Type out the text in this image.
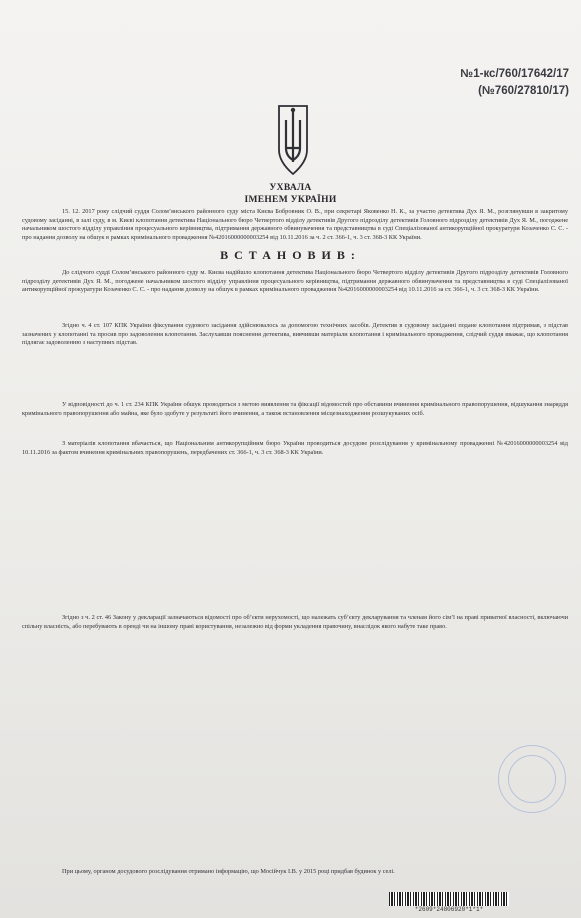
№1-кс/760/17642/17
(№760/27810/17)
УХВАЛА
ІМЕНЕМ УКРАЇНИ

15. 12. 2017 року слідчий суддя Солом’янського районного суду міста Києва Бобровник О. В., при секретарі Яковенко Н. К., за участю детектива Дух Я. М., розглянувши в закритому судовому засіданні, в залі суду, в м. Києві клопотання детектива Національного бюро Четвертого відділу детективів Другого підрозділу детективів Головного підрозділу детективів Дух Я. М., погоджене начальником шостого відділу управління процесуального керівництва, підтримання державного обвинувачення та представництва в суді Спеціалізованої антикорупційної прокуратури Козаченко С. С. - про надання дозволу на обшук в рамках кримінального провадження №42016000000003254 від 10.11.2016 за ч. 2 ст. 366-1, ч. 3 ст. 368-3 КК України.

ВСТАНОВИВ:

До слідчого судді Солом’янського районного суду м. Києва надійшло клопотання детектива Національного бюро Четвертого відділу детективів Другого підрозділу детективів Головного підрозділу детективів Дух Я. М., погоджене начальником шостого відділу управління процесуального керівництва, підтримання державного обвинувачення та представництва в суді Спеціалізованої антикорупційної прокуратури Козаченко С. С. - про надання дозволу на обшук в рамках кримінального провадження №42016000000003254 від 10.11.2016 за ст. 366-1, ч. 3 ст. 368-3 КК України.

Згідно ч. 4 ст. 107 КПК України фіксування судового засідання здійснювалось за допомогою технічних засобів. Детектив в судовому засіданні подане клопотання підтримав, з підстав зазначених у клопотанні та просив про задоволення клопотання. Заслухавши пояснення детектива, вивчивши матеріали клопотання і кримінального провадження, слідчий суддя вважає, що клопотання підлягає задоволенню з наступних підстав.

У відповідності до ч. 1 ст. 234 КПК України обшук проводиться з метою виявлення та фіксації відомостей про обставини вчинення кримінального правопорушення, відшукання знаряддя кримінального правопорушення або майна, яке було здобуте у результаті його вчинення, а також встановлення місцезнаходження розшукуваних осіб.

З матеріалів клопотання вбачається, що Національним антикорупційним бюро України проводиться досудове розслідування у кримінальному провадженні №42016000000003254 від 10.11.2016 за фактом вчинення кримінальних правопорушень, передбачених ст. 366-1, ч. 3 ст. 368-3 КК України.

Згідно з ч. 2 ст. 46 Закону у декларації зазначаються відомості про об’єкти нерухомості, що належать суб’єкту декларування та членам його сім’ї на праві приватної власності, включаючи спільну власність, або перебувають в оренді чи на іншому праві користування, незалежно від форми укладення правочину, внаслідок якого набуте таке право.

При цьому, органом досудового розслідування отримано інформацію, що Мосійчук І.В. у 2015 році придбав будинок у селі.

*2609*24806920*1*1*
